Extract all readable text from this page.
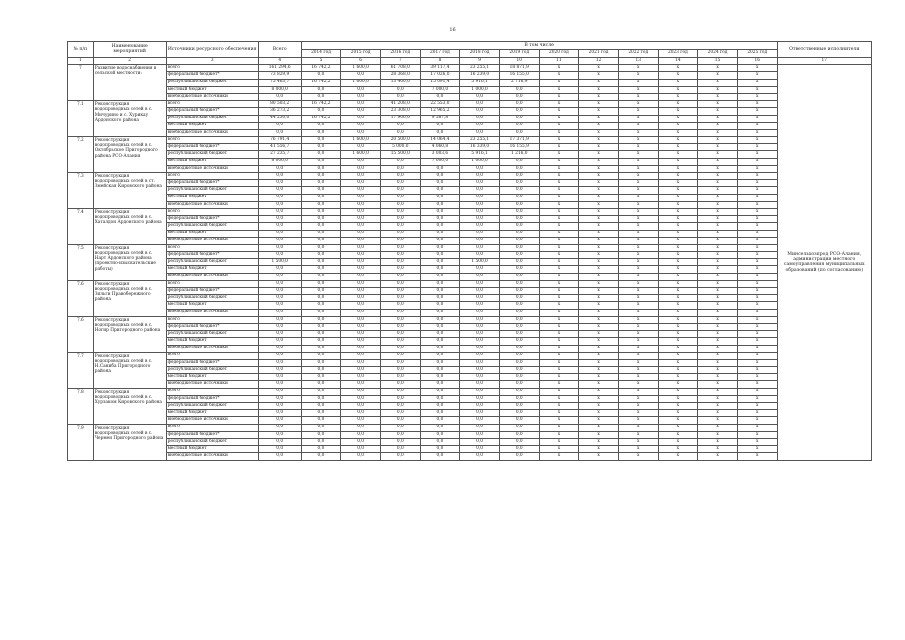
16
№ п/п	Наименование мероприятий	Источники ресурсного обеспечения	Всего	В том числе												Ответственные исполнители
				2014 год	2015 год	2016 год	2017 год	2018 год	2019 год	2020 год	2021 год	2022 год	2023 год	2024 год	2025 год	
1	2	3	4	5	6	7	8	9	10	11	12	13	14	15	16	17
7	Развитие водоснабжения в сельской местности:	всего	161 294,6	16 742,2	1 600,0	61 708,0	39 117,4	23 255,1	18 871,9	х	х	х	х	х	х	Минсельхозпрод РСО-Алания, администрации местного самоуправления муниципальных образований (по согласованию)
		федеральный бюджет*	73 829,9	0,0	0,0	28 368,0	17 026,0	16 239,0	16 155,0	х	х	х	х	х	х	
		республиканский бюджет	75 463,7	16 742,2	1 600,0	13 400,0	15 091,4	5 916,1	2 716,9	х	х	х	х	х	х	
		местный бюджет	8 000,0	0,0	0,0	0,0	7 000,0	1 000,0	0,0	х	х	х	х	х	х	
		внебюджетные источники	0,0	0,0	0,0	0,0	0,0	0,0	0,0	х	х	х	х	х	х	
7.1	Реконструкция водопроводных сетей в с. Мичурино и с. Хурикау Ардонского района	всего	80 503,2	16 742,2	0,0	41 208,0	22 553,0	0,0	0,0	х	х	х	х	х	х	
		федеральный бюджет*	36 273,2	0,0	0,0	23 308,0	12 965,2	0,0	0,0	х	х	х	х	х	х	
		республиканский бюджет	44 230,0	16 742,2	0,0	17 900,0	9 587,8	0,0	0,0	х	х	х	х	х	х	
		местный бюджет	0,0	0,0	0,0	0,0	0,0	0,0	0,0	х	х	х	х	х	х	
		внебюджетные источники	0,0	0,0	0,0	0,0	0,0	0,0	0,0	х	х	х	х	х	х	
7.2	Реконструкция водопроводных сетей в с. Октябрьское Пригородного района РСО-Алания	всего	76 791,4	0,0	1 600,0	20 500,0	14 064,4	23 255,1	17 371,9	х	х	х	х	х	х	
		федеральный бюджет*	41 556,7	0,0	0,0	5 000,0	4 060,8	16 339,0	16 155,9	х	х	х	х	х	х	
		республиканский бюджет	27 235,7	0,0	1 600,0	15 500,0	3 003,6	5 916,1	1 216,0	х	х	х	х	х	х	
		местный бюджет	8 000,0	0,0	0,0	0,0	7 000,0	1 000,0	0,0	х	х	х	х	х	х	
		внебюджетные источники	0,0	0,0	0,0	0,0	0,0	0,0	0,0	х	х	х	х	х	х	
7.3	Реконструкция водопроводных сетей в ст. Змейская Кировского района	всего	0,0	0,0	0,0	0,0	0,0	0,0	0,0	х	х	х	х	х	х	
		федеральный бюджет*	0,0	0,0	0,0	0,0	0,0	0,0	0,0	х	х	х	х	х	х	
		республиканский бюджет	0,0	0,0	0,0	0,0	0,0	0,0	0,0	х	х	х	х	х	х	
		местный бюджет	0,0	0,0	0,0	0,0	0,0	0,0	0,0	х	х	х	х	х	х	
		внебюджетные источники	0,0	0,0	0,0	0,0	0,0	0,0	0,0	х	х	х	х	х	х	
7.4	Реконструкция водопроводных сетей в с. Хаталдон Ардонского района	всего	0,0	0,0	0,0	0,0	0,0	0,0	0,0	х	х	х	х	х	х	
		федеральный бюджет*	0,0	0,0	0,0	0,0	0,0	0,0	0,0	х	х	х	х	х	х	
		республиканский бюджет	0,0	0,0	0,0	0,0	0,0	0,0	0,0	х	х	х	х	х	х	
		местный бюджет	0,0	0,0	0,0	0,0	0,0	0,0	0,0	х	х	х	х	х	х	
		внебюджетные источники	0,0	0,0	0,0	0,0	0,0	0,0	0,0	х	х	х	х	х	х	
7.5	Реконструкция водопроводных сетей в с. Нарт Ардонского района (проектно-изыскательские работы)	всего	0,0	0,0	0,0	0,0	0,0	0,0	0,0	х	х	х	х	х	х	
		федеральный бюджет*	0,0	0,0	0,0	0,0	0,0	0,0	0,0	х	х	х	х	х	х	
		республиканский бюджет	1 500,0	0,0	0,0	0,0	0,0	1 500,0	0,0	х	х	х	х	х	х	
		местный бюджет	0,0	0,0	0,0	0,0	0,0	0,0	0,0	х	х	х	х	х	х	
		внебюджетные источники	0,0	0,0	0,0	0,0	0,0	0,0	0,0	х	х	х	х	х	х	
7.6	Реконструкция водопроводных сетей в с. Зильги Правобережного района	всего	0,0	0,0	0,0	0,0	0,0	0,0	0,0	х	х	х	х	х	х	
		федеральный бюджет*	0,0	0,0	0,0	0,0	0,0	0,0	0,0	х	х	х	х	х	х	
		республиканский бюджет	0,0	0,0	0,0	0,0	0,0	0,0	0,0	х	х	х	х	х	х	
		местный бюджет	0,0	0,0	0,0	0,0	0,0	0,0	0,0	х	х	х	х	х	х	
		внебюджетные источники	0,0	0,0	0,0	0,0	0,0	0,0	0,0	х	х	х	х	х	х	
7.6	Реконструкция водопроводных сетей в с. Ногир Пригородного района	всего	0,0	0,0	0,0	0,0	0,0	0,0	0,0	х	х	х	х	х	х	
		федеральный бюджет*	0,0	0,0	0,0	0,0	0,0	0,0	0,0	х	х	х	х	х	х	
		республиканский бюджет	0,0	0,0	0,0	0,0	0,0	0,0	0,0	х	х	х	х	х	х	
		местный бюджет	0,0	0,0	0,0	0,0	0,0	0,0	0,0	х	х	х	х	х	х	
		внебюджетные источники	0,0	0,0	0,0	0,0	0,0	0,0	0,0	х	х	х	х	х	х	
7.7	Реконструкция водопроводных сетей в с. Н.Саниба Пригородного района	всего	0,0	0,0	0,0	0,0	0,0	0,0	0,0	х	х	х	х	х	х	
		федеральный бюджет*	0,0	0,0	0,0	0,0	0,0	0,0	0,0	х	х	х	х	х	х	
		республиканский бюджет	0,0	0,0	0,0	0,0	0,0	0,0	0,0	х	х	х	х	х	х	
		местный бюджет	0,0	0,0	0,0	0,0	0,0	0,0	0,0	х	х	х	х	х	х	
		внебюджетные источники	0,0	0,0	0,0	0,0	0,0	0,0	0,0	х	х	х	х	х	х	
7.8	Реконструкция водопроводных сетей в с. Хурзаком Кировского района	всего	0,0	0,0	0,0	0,0	0,0	0,0	0,0	х	х	х	х	х	х	
		федеральный бюджет*	0,0	0,0	0,0	0,0	0,0	0,0	0,0	х	х	х	х	х	х	
		республиканский бюджет	0,0	0,0	0,0	0,0	0,0	0,0	0,0	х	х	х	х	х	х	
		местный бюджет	0,0	0,0	0,0	0,0	0,0	0,0	0,0	х	х	х	х	х	х	
		внебюджетные источники	0,0	0,0	0,0	0,0	0,0	0,0	0,0	х	х	х	х	х	х	
7.9	Реконструкция водопроводных сетей в с. Чермен Пригородного района	всего	0,0	0,0	0,0	0,0	0,0	0,0	0,0	х	х	х	х	х	х	
		федеральный бюджет*	0,0	0,0	0,0	0,0	0,0	0,0	0,0	х	х	х	х	х	х	
		республиканский бюджет	0,0	0,0	0,0	0,0	0,0	0,0	0,0	х	х	х	х	х	х	
		местный бюджет	0,0	0,0	0,0	0,0	0,0	0,0	0,0	х	х	х	х	х	х	
		внебюджетные источники	0,0	0,0	0,0	0,0	0,0	0,0	0,0	х	х	х	х	х	х	
